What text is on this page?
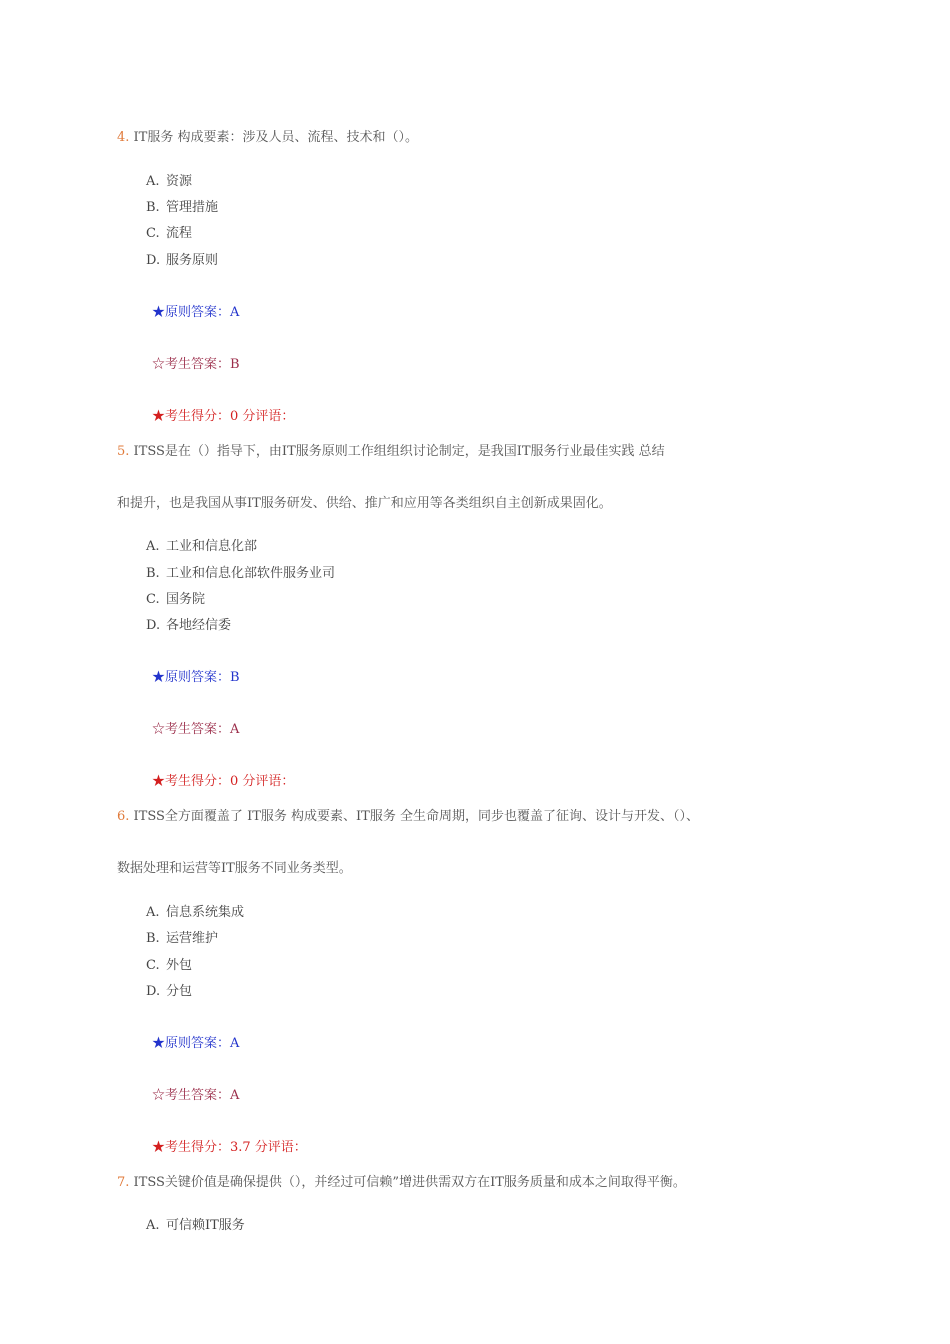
4. IT服务 构成要素：涉及人员、流程、技术和（）。
A. 资源
B. 管理措施
C. 流程
D. 服务原则
★原则答案：A
☆考生答案：B
★考生得分：0 分评语：
5. ITSS是在（）指导下，由IT服务原则工作组组织讨论制定，是我国IT服务行业最佳实践 总结
和提升，也是我国从事IT服务研发、供给、推广和应用等各类组织自主创新成果固化。
A. 工业和信息化部
B. 工业和信息化部软件服务业司
C. 国务院
D. 各地经信委
★原则答案：B
☆考生答案：A
★考生得分：0 分评语：
6. ITSS全方面覆盖了 IT服务 构成要素、IT服务 全生命周期，同步也覆盖了征询、设计与开发、（）、
数据处理和运营等IT服务不同业务类型。
A. 信息系统集成
B. 运营维护
C. 外包
D. 分包
★原则答案：A
☆考生答案：A
★考生得分：3.7 分评语：
7. ITSS关键价值是确保提供（），并经过可信赖”增进供需双方在IT服务质量和成本之间取得平衡。
A. 可信赖IT服务
